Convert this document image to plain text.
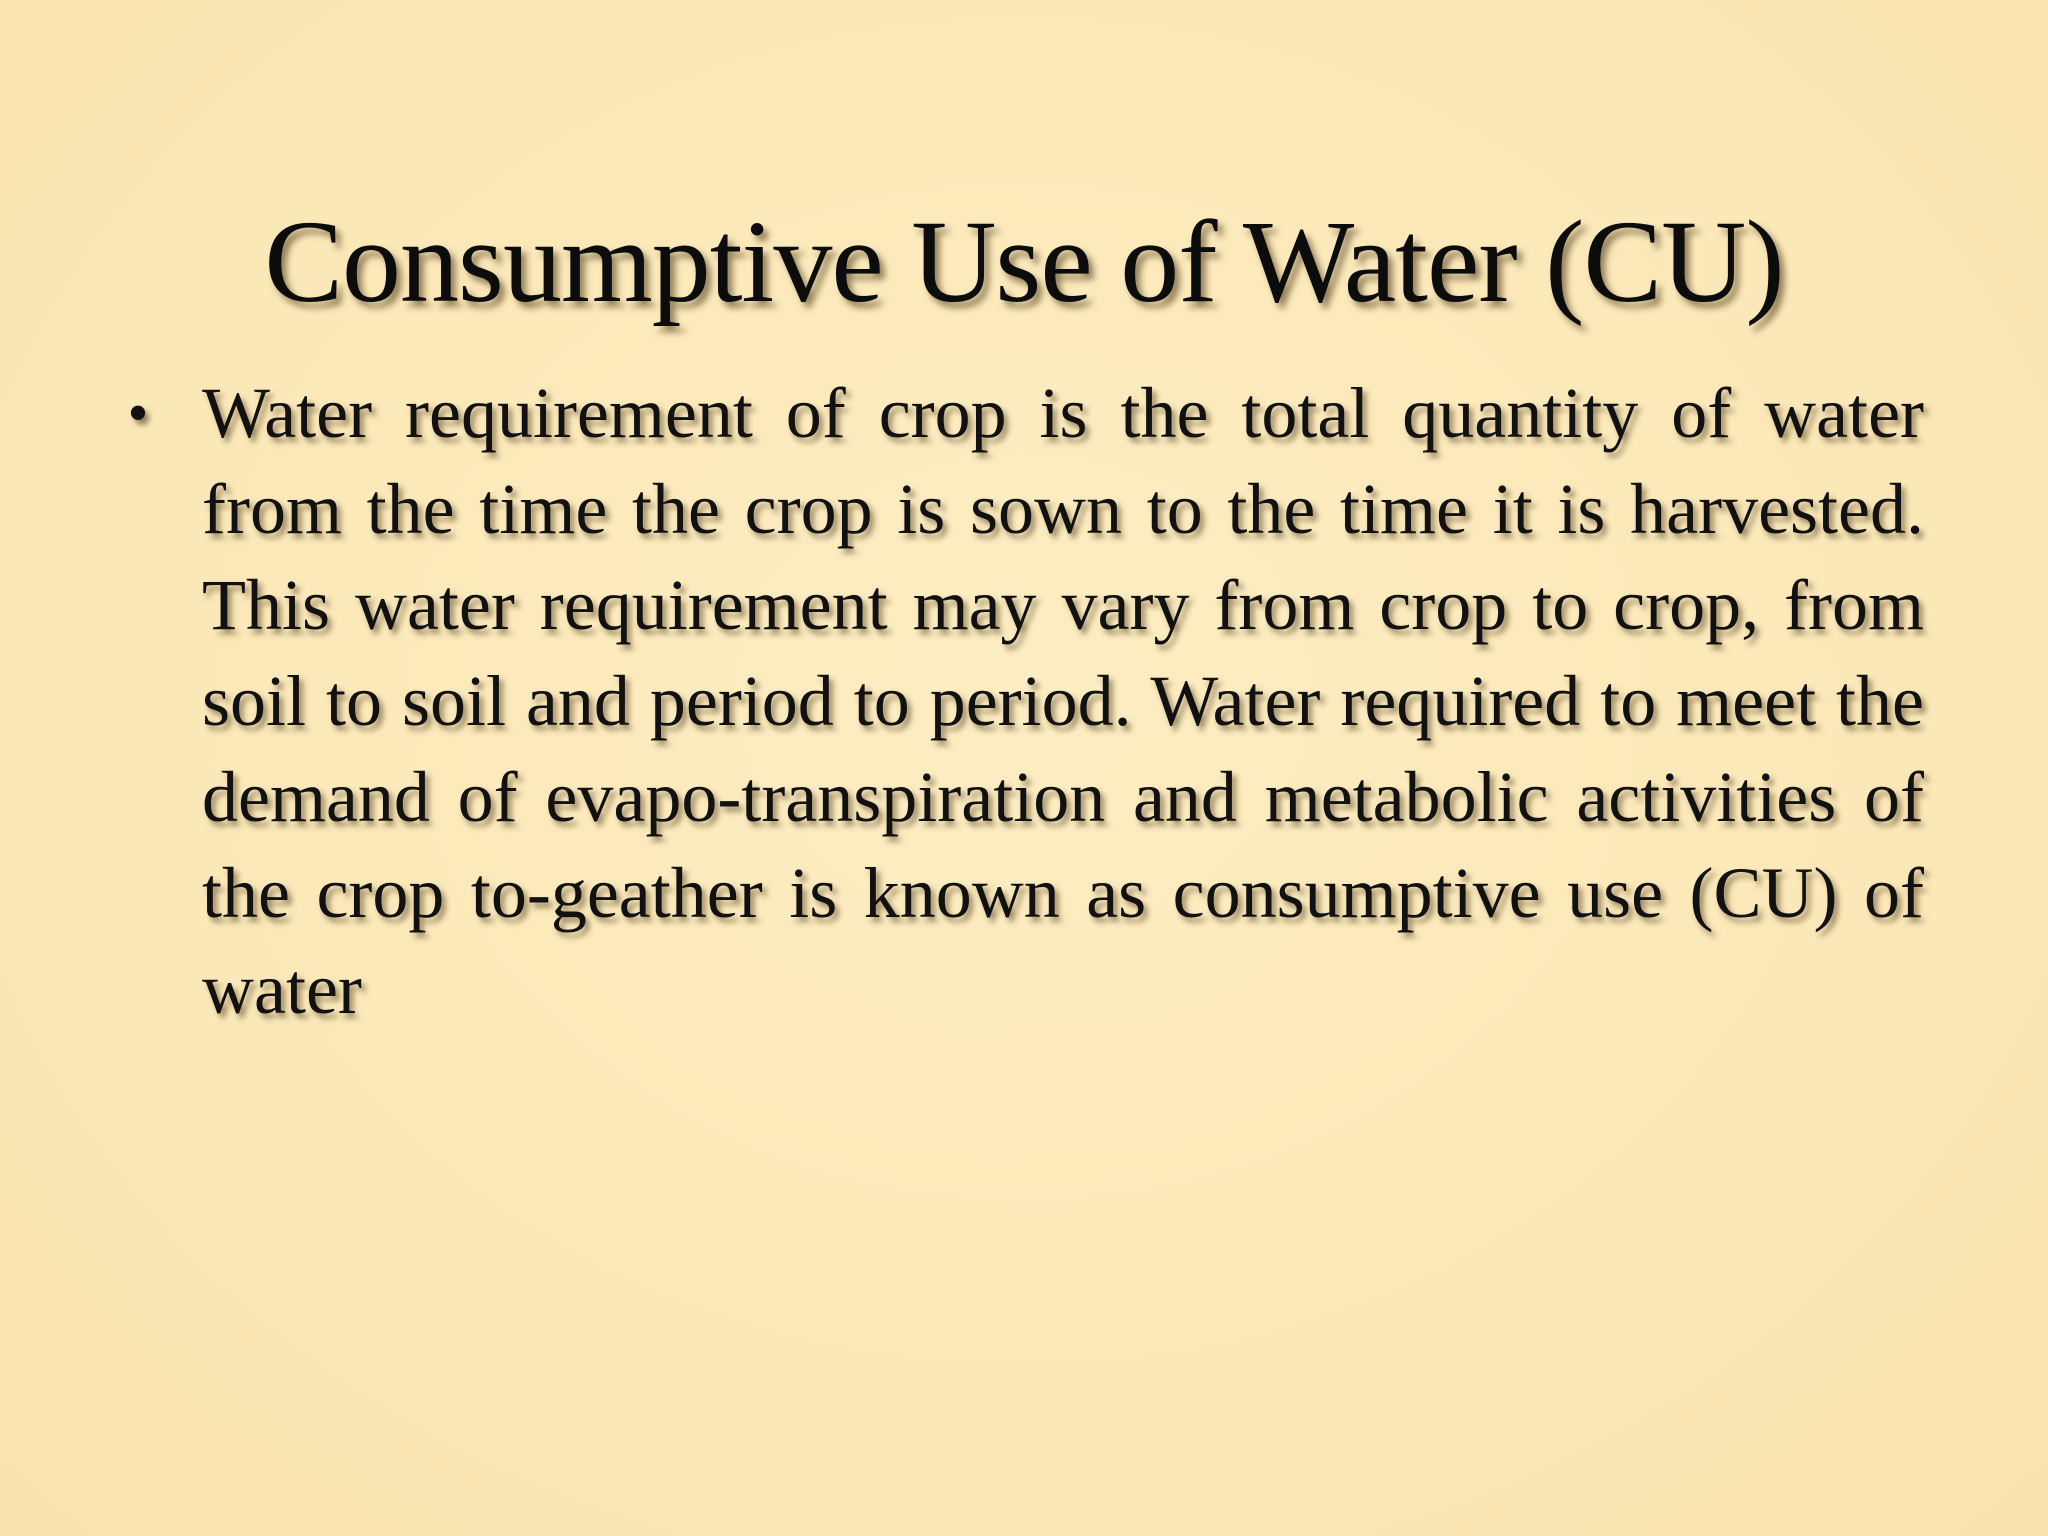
Consumptive Use of Water (CU)
• Water requirement of crop is the total quantity of water from the time the crop is sown to the time it is harvested. This water requirement may vary from crop to crop, from soil to soil and period to period. Water required to meet the demand of evapo-transpiration and metabolic activities of the crop to-geather is known as consumptive use (CU) of water
